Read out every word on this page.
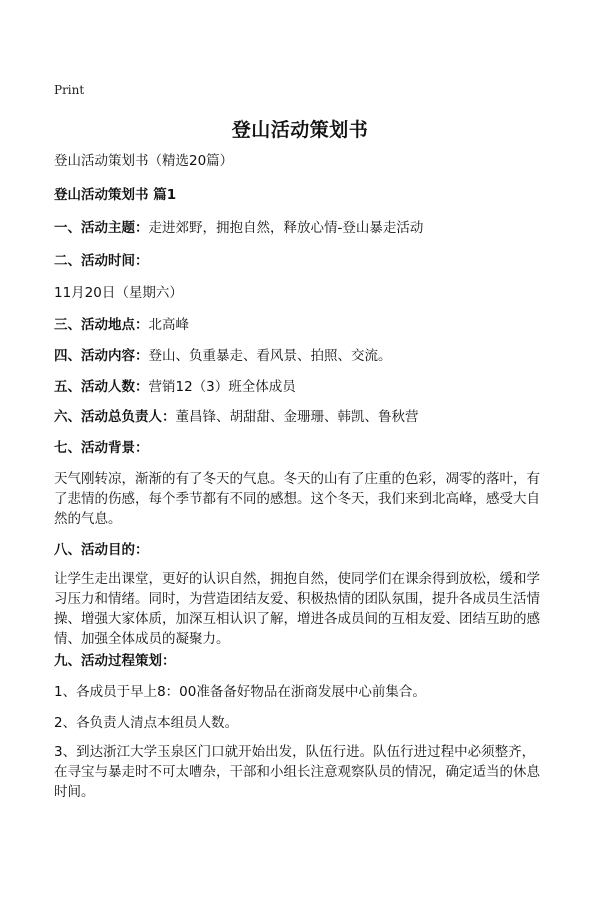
Print
登山活动策划书
登山活动策划书（精选20篇）
登山活动策划书 篇1
一、活动主题：走进郊野，拥抱自然，释放心情-登山暴走活动
二、活动时间：
11月20日（星期六）
三、活动地点：北高峰
四、活动内容：登山、负重暴走、看风景、拍照、交流。
五、活动人数：营销12（3）班全体成员
六、活动总负责人：董昌锋、胡甜甜、金珊珊、韩凯、鲁秋营
七、活动背景：
天气刚转凉，渐渐的有了冬天的气息。冬天的山有了庄重的色彩，凋零的落叶，有
了悲情的伤感，每个季节都有不同的感想。这个冬天，我们来到北高峰，感受大自
然的气息。
八、活动目的：
让学生走出课堂，更好的认识自然，拥抱自然，使同学们在课余得到放松，缓和学
习压力和情绪。同时，为营造团结友爱、积极热情的团队氛围，提升各成员生活情
操、增强大家体质，加深互相认识了解，增进各成员间的互相友爱、团结互助的感
情、加强全体成员的凝聚力。
九、活动过程策划：
1、各成员于早上8：00准备备好物品在浙商发展中心前集合。
2、各负责人清点本组员人数。
3、到达浙江大学玉泉区门口就开始出发，队伍行进。队伍行进过程中必须整齐，
在寻宝与暴走时不可太嘈杂，干部和小组长注意观察队员的情况，确定适当的休息
时间。
